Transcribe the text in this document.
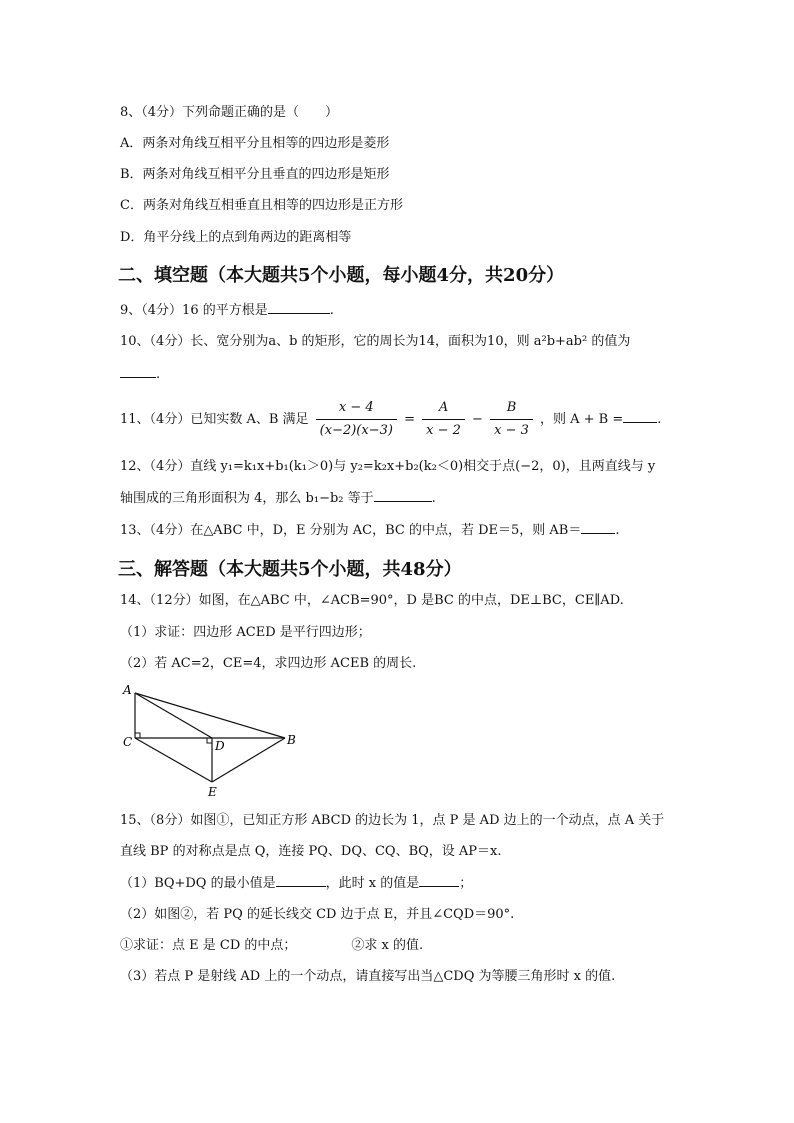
8、（4分）下列命题正确的是（　　）
A．两条对角线互相平分且相等的四边形是菱形
B．两条对角线互相平分且垂直的四边形是矩形
C．两条对角线互相垂直且相等的四边形是正方形
D．角平分线上的点到角两边的距离相等
二、填空题（本大题共5个小题，每小题4分，共20分）
9、（4分）16 的平方根是	.
10、（4分）长、宽分别为a、b 的矩形，它的周长为14，面积为10，则 a²b+ab² 的值为
.
11、（4分）已知实数 A、B 满足 $\frac{x - 4}{(x-2)(x-3)} = \frac{A}{x - 2} - \frac{B}{x - 3}$ ，则 A + B =	.
12、（4分）直线 y₁=k₁x+b₁(k₁＞0)与 y₂=k₂x+b₂(k₂＜0)相交于点(−2，0)，且两直线与 y
轴围成的三角形面积为 4，那么 b₁−b₂ 等于	.
13、（4分）在△ABC 中，D，E 分别为 AC，BC 的中点，若 DE＝5，则 AB＝	.
三、解答题（本大题共5个小题，共48分）
14、（12分）如图，在△ABC 中，∠ACB=90°，D 是BC 的中点，DE⊥BC，CE∥AD.
（1）求证：四边形 ACED 是平行四边形；
（2）若 AC=2，CE=4，求四边形 ACEB 的周长.
A
C	D	B
E
15、（8分）如图①，已知正方形 ABCD 的边长为 1，点 P 是 AD 边上的一个动点，点 A 关于
直线 BP 的对称点是点 Q，连接 PQ、DQ、CQ、BQ，设 AP＝x.
（1）BQ+DQ 的最小值是	，此时 x 的值是	；
（2）如图②，若 PQ 的延长线交 CD 边于点 E，并且∠CQD＝90°.
①求证：点 E 是 CD 的中点；	②求 x 的值.
（3）若点 P 是射线 AD 上的一个动点，请直接写出当△CDQ 为等腰三角形时 x 的值.
